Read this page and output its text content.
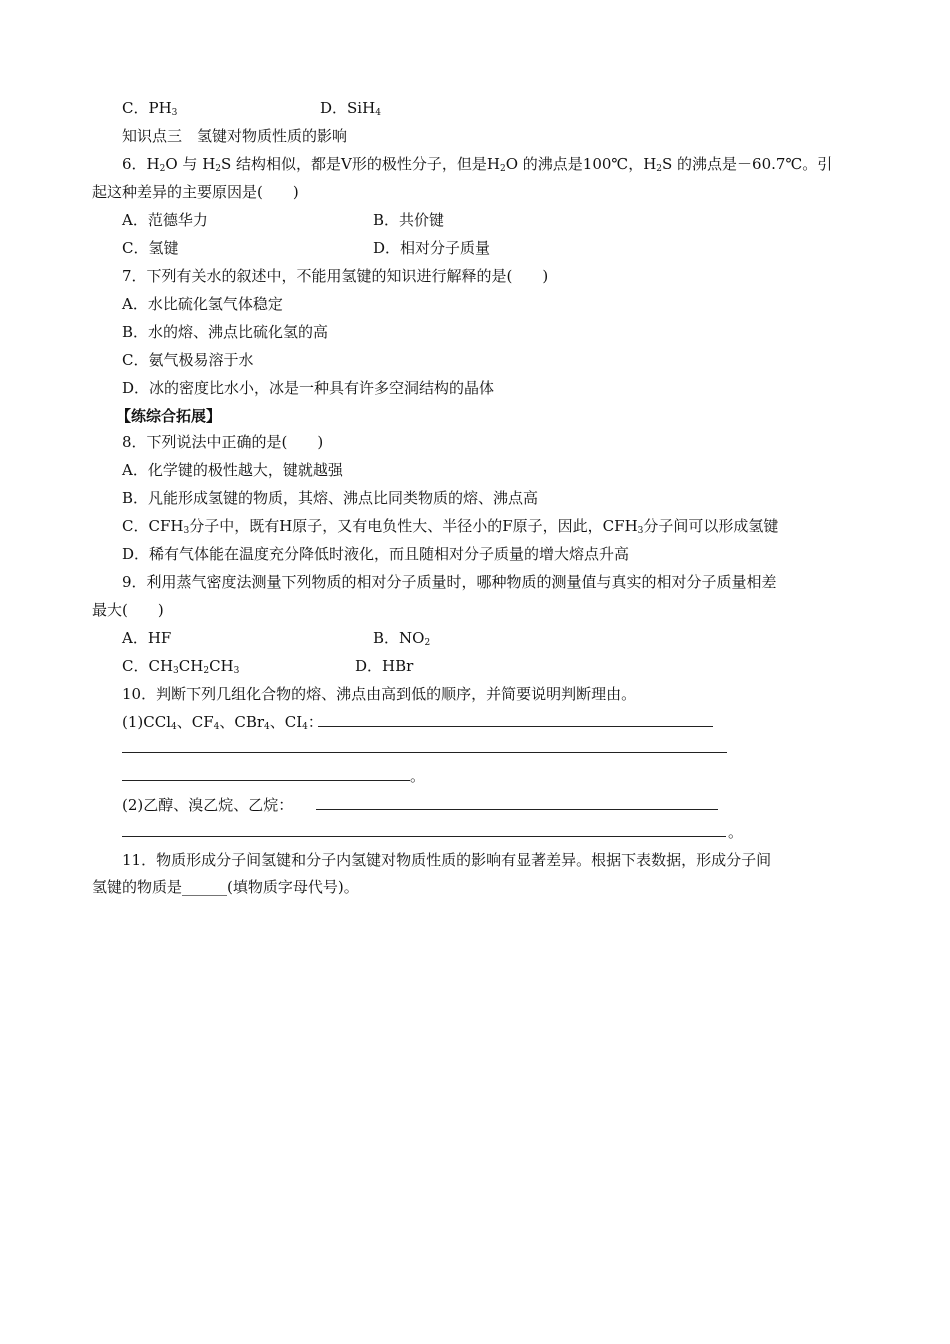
C．$PH_3$	D．SiH$_4$
知识点三　氢键对物质性质的影响
6．$H_2O$ 与 $H_2S$ 结构相似，都是Ⅴ形的极性分子，但是$H_2O$ 的沸点是100℃，$H_2S$ 的沸点是－60.7℃。引
起这种差异的主要原因是(　　)
A．范德华力	B．共价键
C．氢键	D．相对分子质量
7．下列有关水的叙述中，不能用氢键的知识进行解释的是(　　)
A．水比硫化氢气体稳定
B．水的熔、沸点比硫化氢的高
C．氨气极易溶于水
D．冰的密度比水小，冰是一种具有许多空洞结构的晶体
【练综合拓展】
8．下列说法中正确的是(　　)
A．化学键的极性越大，键就越强
B．凡能形成氢键的物质，其熔、沸点比同类物质的熔、沸点高
C．$CFH_3$分子中，既有H原子，又有电负性大、半径小的F原子，因此，$CFH_3$分子间可以形成氢键
D．稀有气体能在温度充分降低时液化，而且随相对分子质量的增大熔点升高
9．利用蒸气密度法测量下列物质的相对分子质量时，哪种物质的测量值与真实的相对分子质量相差
最大(　　)
A．HF	B．$NO_2$
C．$CH_3CH_2CH_3$	D．HBr
10．判断下列几组化合物的熔、沸点由高到低的顺序，并简要说明判断理由。
(1)CCl$_4$、$CF_4$、CBr$_4$、$CI_4$：
。
(2)乙醇、溴乙烷、乙烷：
。
11．物质形成分子间氢键和分子内氢键对物质性质的影响有显著差异。根据下表数据，形成分子间
氢键的物质是______(填物质字母代号)。
